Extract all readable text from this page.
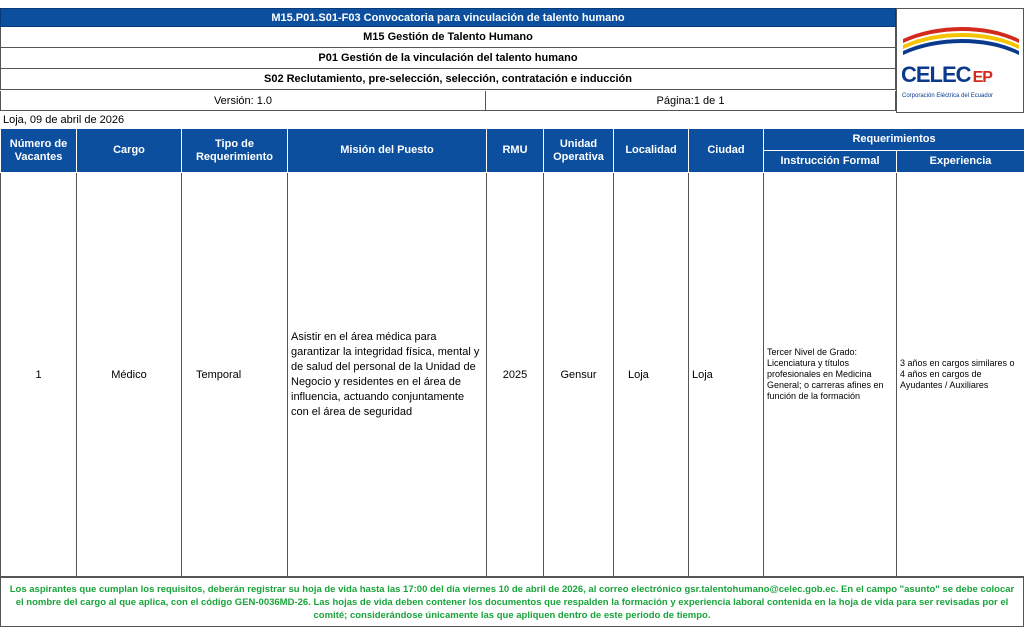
M15.P01.S01-F03 Convocatoria para vinculación de talento humano
M15 Gestión de Talento Humano
P01 Gestión de la vinculación del talento humano
S02 Reclutamiento, pre-selección, selección, contratación e inducción
Versión: 1.0	Página:1 de 1
CELEC EP
Corporación Eléctrica del Ecuador
Loja, 09 de abril de 2026
Número de Vacantes	Cargo	Tipo de Requerimiento	Misión del Puesto	RMU	Unidad Operativa	Localidad	Ciudad	Requerimientos	
								Instrucción Formal	Experiencia
1	Médico	Temporal	Asistir en el área médica para garantizar la integridad física, mental y de salud del personal de la Unidad de Negocio y residentes en el área de influencia, actuando conjuntamente con el área de seguridad	2025	Gensur	Loja	Loja	Tercer Nivel de Grado: Licenciatura y títulos profesionales en Medicina General; o carreras afines en función de la formación	3 años en cargos similares o 4 años en cargos de Ayudantes / Auxiliares
Los aspirantes que cumplan los requisitos, deberán registrar su hoja de vida hasta las 17:00 del día viernes 10 de abril de 2026, al correo electrónico gsr.talentohumano@celec.gob.ec. En el campo "asunto" se debe colocar el nombre del cargo al que aplica, con el código GEN-0036MD-26. Las hojas de vida deben contener los documentos que respalden la formación y experiencia laboral contenida en la hoja de vida para ser revisadas por el comité; considerándose únicamente las que apliquen dentro de este periodo de tiempo.
